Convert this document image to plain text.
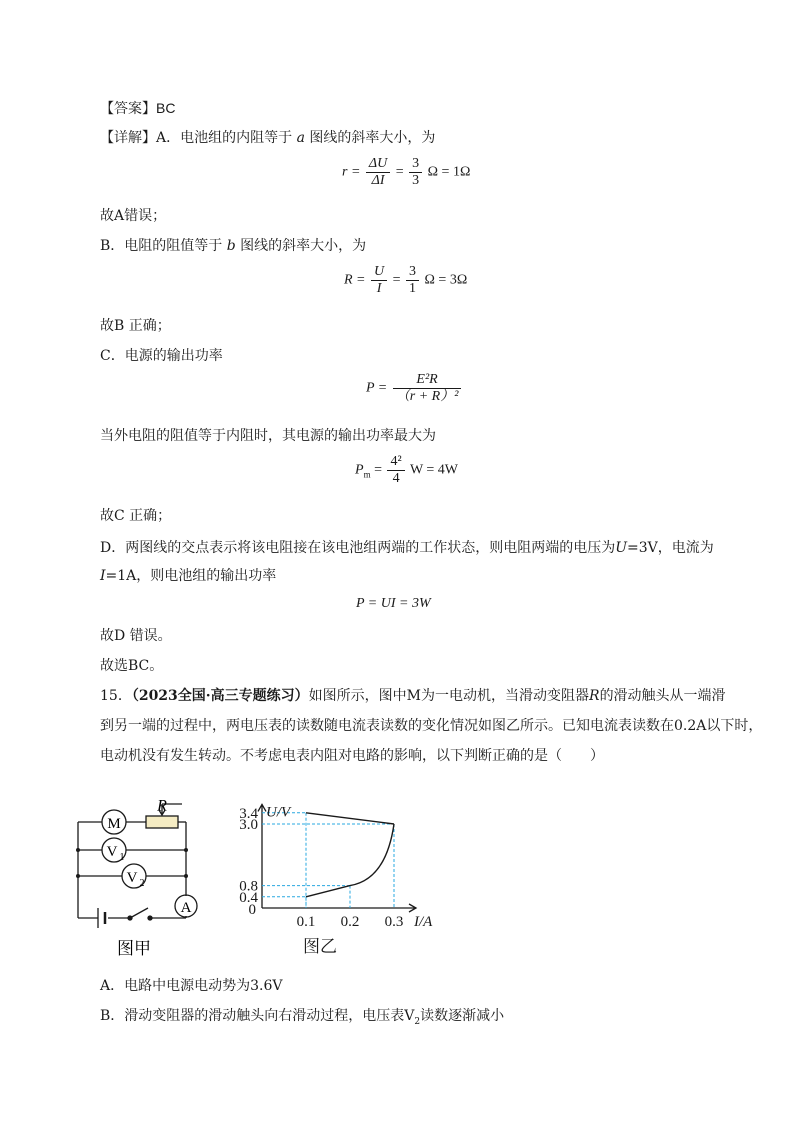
【答案】BC
【详解】A．电池组的内阻等于 a 图线的斜率大小，为
$r = \frac{\Delta U}{\Delta I} = \frac{3}{3}$ Ω = 1Ω
故A错误；
B．电阻的阻值等于 b 图线的斜率大小，为
$R = \frac{U}{I} = \frac{3}{1}$ Ω = 3Ω
故B 正确；
C．电源的输出功率
$P = \frac{\text{E²R}}{\text{（r + R）²}}$
当外电阻的阻值等于内阻时，其电源的输出功率最大为
$P_m = \frac{\text{4²}}{4}$ W = 4W
故C 正确；
D．两图线的交点表示将该电阻接在该电池组两端的工作状态，则电阻两端的电压为U=3V，电流为
I=1A，则电池组的输出功率
P = UI = 3W
故D 错误。
故选BC。
15．（2023全国·高三专题练习）如图所示，图中M为一电动机，当滑动变阻器R的滑动触头从一端滑
到另一端的过程中，两电压表的读数随电流表读数的变化情况如图乙所示。已知电流表读数在0.2A以下时，
电动机没有发生转动。不考虑电表内阻对电路的影响，以下判断正确的是（　　）
R
M
V 1
V 2
A
图甲
3.4
3.0
0.8
0.4
0
0.1 0.2 0.3
U/V
I/A
图乙
A．电路中电源电动势为3.6V
B．滑动变阻器的滑动触头向右滑动过程，电压表$V_2$读数逐渐减小
